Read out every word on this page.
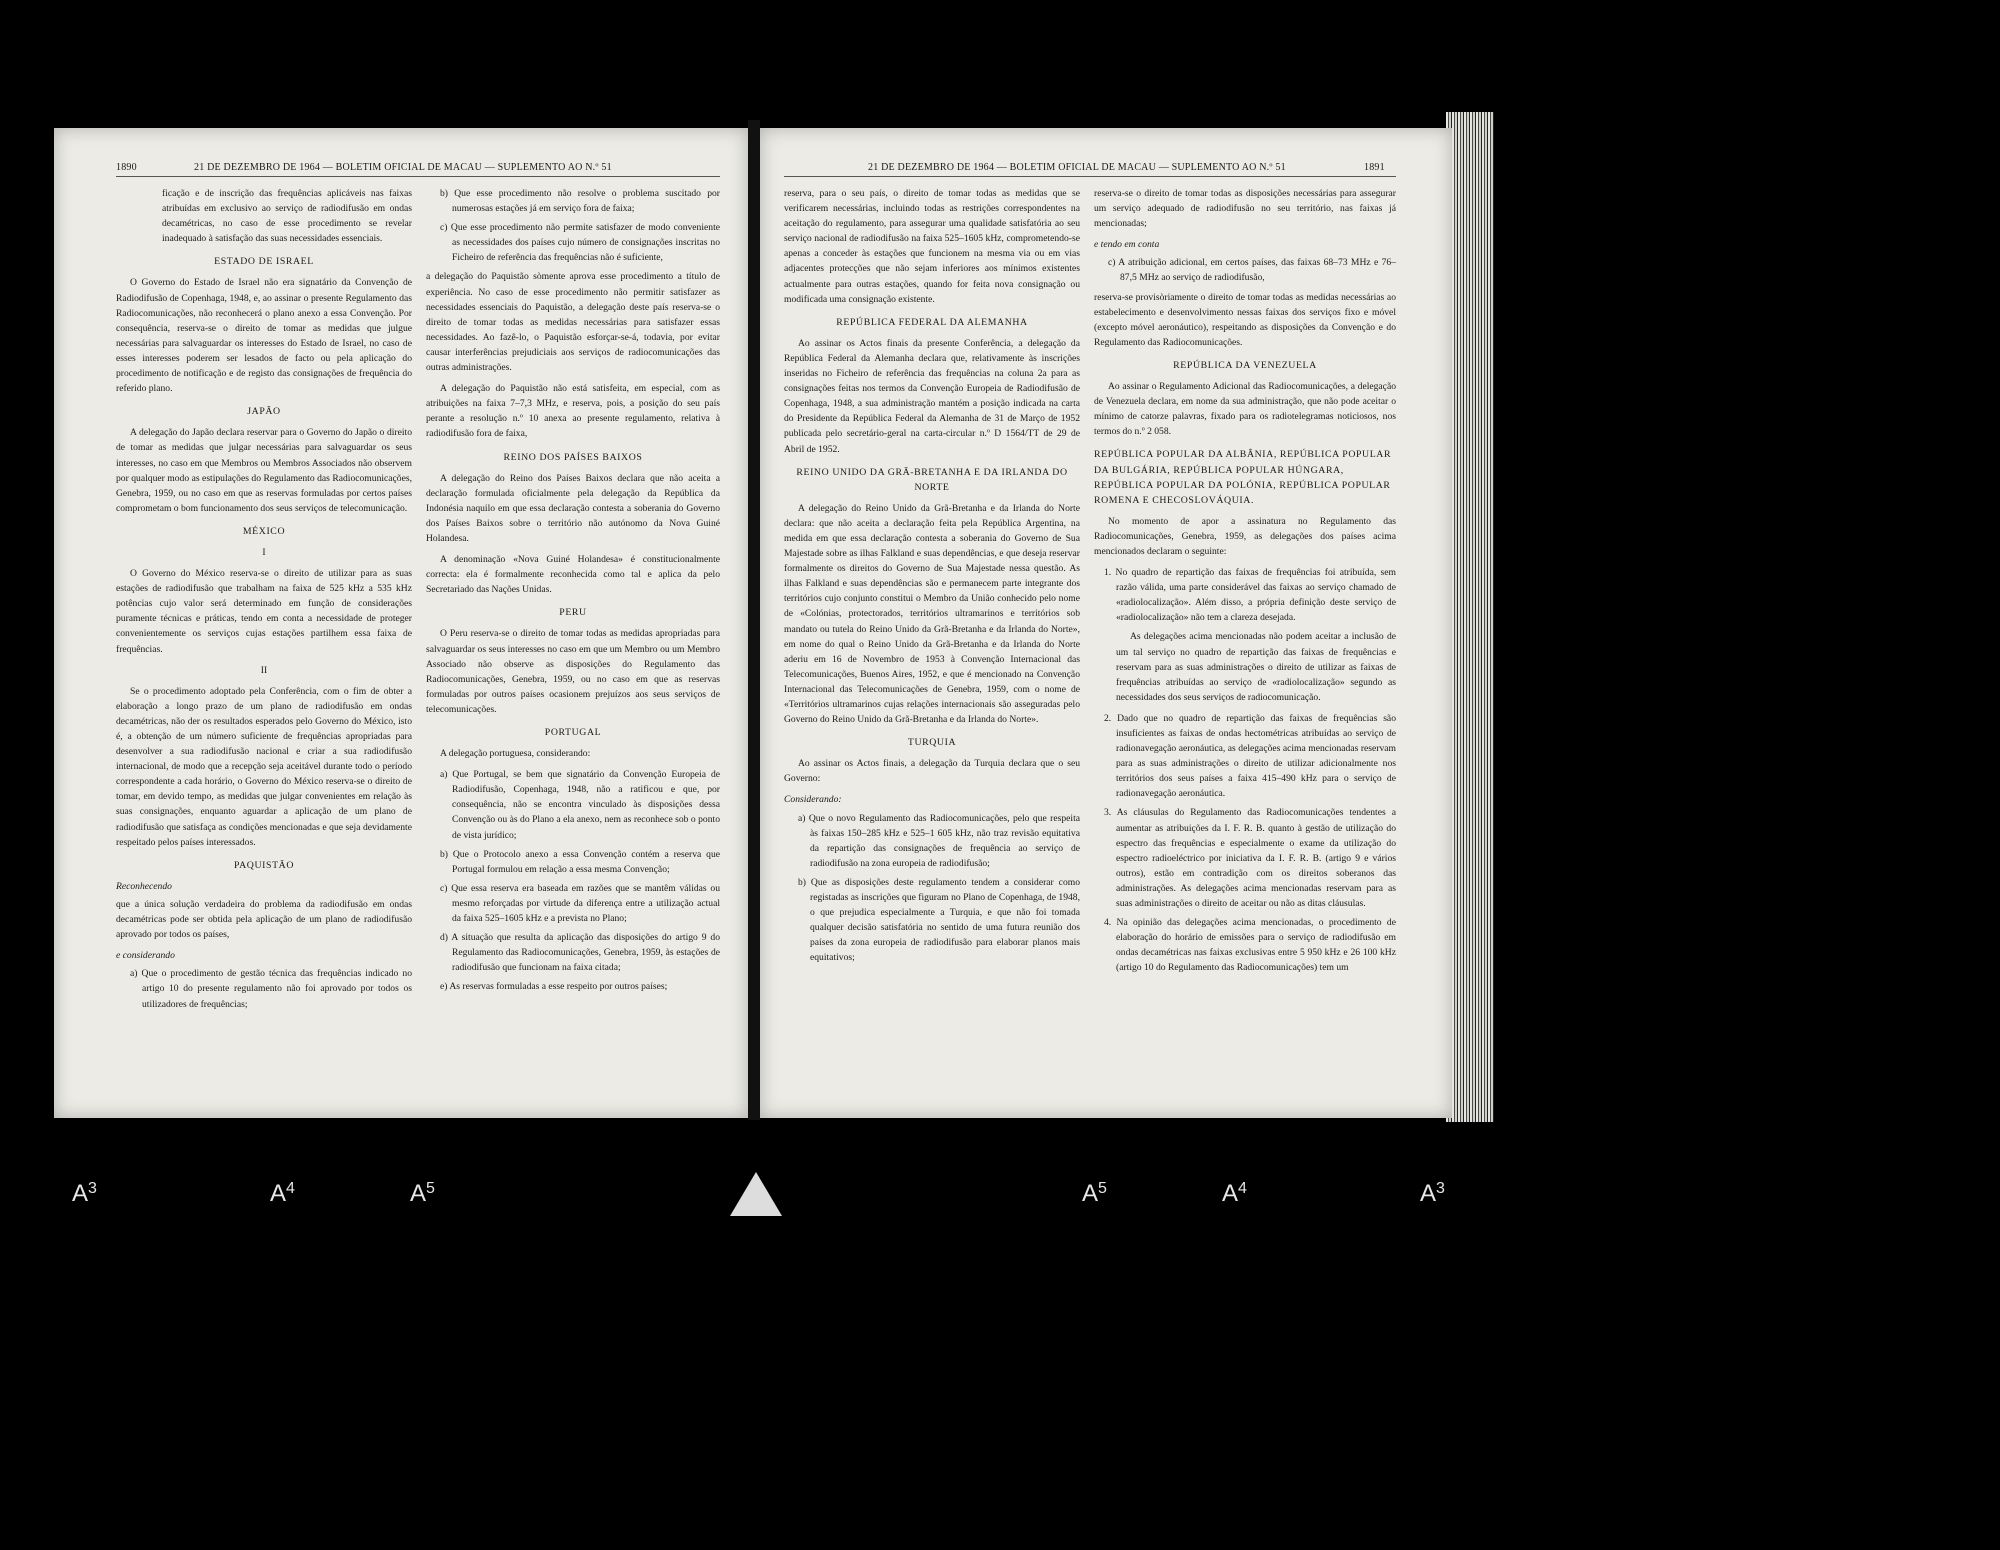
1890	21 DE DEZEMBRO DE 1964 — BOLETIM OFICIAL DE MACAU — SUPLEMENTO AO N.º 51

ficação e de inscrição das frequências aplicáveis nas faixas atribuídas em exclusivo ao serviço de radiodifusão em ondas decamétricas, no caso de esse procedimento se revelar inadequado à satisfação das suas necessidades essenciais.

ESTADO DE ISRAEL

O Governo do Estado de Israel não era signatário da Convenção de Radiodifusão de Copenhaga, 1948, e, ao assinar o presente Regulamento das Radiocomunicações, não reconhecerá o plano anexo a essa Convenção. Por consequência, reserva-se o direito de tomar as medidas que julgue necessárias para salvaguardar os interesses do Estado de Israel, no caso de esses interesses poderem ser lesados de facto ou pela aplicação do procedimento de notificação e de registo das consignações de frequência do referido plano.

JAPÃO

A delegação do Japão declara reservar para o Governo do Japão o direito de tomar as medidas que julgar necessárias para salvaguardar os seus interesses, no caso em que Membros ou Membros Associados não observem por qualquer modo as estipulações do Regulamento das Radiocomunicações, Genebra, 1959, ou no caso em que as reservas formuladas por certos países comprometam o bom funcionamento dos seus serviços de telecomunicação.

MÉXICO
I

O Governo do México reserva-se o direito de utilizar para as suas estações de radiodifusão que trabalham na faixa de 525 kHz a 535 kHz potências cujo valor será determinado em função de considerações puramente técnicas e práticas, tendo em conta a necessidade de proteger convenientemente os serviços cujas estações partilhem essa faixa de frequências.

II

Se o procedimento adoptado pela Conferência, com o fim de obter a elaboração a longo prazo de um plano de radiodifusão em ondas decamétricas, não der os resultados esperados pelo Governo do México, isto é, a obtenção de um número suficiente de frequências apropriadas para desenvolver a sua radiodifusão nacional e criar a sua radiodifusão internacional, de modo que a recepção seja aceitável durante todo o período correspondente a cada horário, o Governo do México reserva-se o direito de tomar, em devido tempo, as medidas que julgar convenientes em relação às suas consignações, enquanto aguardar a aplicação de um plano de radiodifusão que satisfaça as condições mencionadas e que seja devidamente respeitado pelos países interessados.

PAQUISTÃO
Reconhecendo

que a única solução verdadeira do problema da radiodifusão em ondas decamétricas pode ser obtida pela aplicação de um plano de radiodifusão aprovado por todos os países,

e considerando
a) Que o procedimento de gestão técnica das frequências indicado no artigo 10 do presente regulamento não foi aprovado por todos os utilizadores de frequências;
b) Que esse procedimento não resolve o problema suscitado por numerosas estações já em serviço fora de faixa;
c) Que esse procedimento não permite satisfazer de modo conveniente as necessidades dos países cujo número de consignações inscritas no Ficheiro de referência das frequências não é suficiente,

a delegação do Paquistão sòmente aprova esse procedimento a título de experiência. No caso de esse procedimento não permitir satisfazer as necessidades essenciais do Paquistão, a delegação deste país reserva-se o direito de tomar todas as medidas necessárias para satisfazer essas necessidades. Ao fazê-lo, o Paquistão esforçar-se-á, todavia, por evitar causar interferências prejudiciais aos serviços de radiocomunicações das outras administrações.

A delegação do Paquistão não está satisfeita, em especial, com as atribuições na faixa 7–7,3 MHz, e reserva, pois, a posição do seu país perante a resolução n.º 10 anexa ao presente regulamento, relativa à radiodifusão fora de faixa,

REINO DOS PAÍSES BAIXOS

A delegação do Reino dos Países Baixos declara que não aceita a declaração formulada oficialmente pela delegação da República da Indonésia naquilo em que essa declaração contesta a soberania do Governo dos Países Baixos sobre o território não autónomo da Nova Guiné Holandesa.

A denominação «Nova Guiné Holandesa» é constitucionalmente correcta: ela é formalmente reconhecida como tal e aplica da pelo Secretariado das Nações Unidas.

PERU

O Peru reserva-se o direito de tomar todas as medidas apropriadas para salvaguardar os seus interesses no caso em que um Membro ou um Membro Associado não observe as disposições do Regulamento das Radiocomunicações, Genebra, 1959, ou no caso em que as reservas formuladas por outros países ocasionem prejuízos aos seus serviços de telecomunicações.

PORTUGAL

A delegação portuguesa, considerando:

a) Que Portugal, se bem que signatário da Convenção Europeia de Radiodifusão, Copenhaga, 1948, não a ratificou e que, por consequência, não se encontra vinculado às disposições dessa Convenção ou às do Plano a ela anexo, nem as reconhece sob o ponto de vista jurídico;
b) Que o Protocolo anexo a essa Convenção contém a reserva que Portugal formulou em relação a essa mesma Convenção;
c) Que essa reserva era baseada em razões que se mantêm válidas ou mesmo reforçadas por virtude da diferença entre a utilização actual da faixa 525–1605 kHz e a prevista no Plano;
d) A situação que resulta da aplicação das disposições do artigo 9 do Regulamento das Radiocomunicações, Genebra, 1959, às estações de radiodifusão que funcionam na faixa citada;
e) As reservas formuladas a esse respeito por outros países;
21 DE DEZEMBRO DE 1964 — BOLETIM OFICIAL DE MACAU — SUPLEMENTO AO N.º 51	1891

reserva, para o seu país, o direito de tomar todas as medidas que se verificarem necessárias, incluindo todas as restrições correspondentes na aceitação do regulamento, para assegurar uma qualidade satisfatória ao seu serviço nacional de radiodifusão na faixa 525–1605 kHz, comprometendo-se apenas a conceder às estações que funcionem na mesma via ou em vias adjacentes protecções que não sejam inferiores aos mínimos existentes actualmente para outras estações, quando for feita nova consignação ou modificada uma consignação existente.

REPÚBLICA FEDERAL DA ALEMANHA

Ao assinar os Actos finais da presente Conferência, a delegação da República Federal da Alemanha declara que, relativamente às inscrições inseridas no Ficheiro de referência das frequências na coluna 2a para as consignações feitas nos termos da Convenção Europeia de Radiodifusão de Copenhaga, 1948, a sua administração mantém a posição indicada na carta do Presidente da República Federal da Alemanha de 31 de Março de 1952 publicada pelo secretário-geral na carta-circular n.º D 1564/TT de 29 de Abril de 1952.

REINO UNIDO DA GRÃ-BRETANHA E DA IRLANDA DO NORTE

A delegação do Reino Unido da Grã-Bretanha e da Irlanda do Norte declara: que não aceita a declaração feita pela República Argentina, na medida em que essa declaração contesta a soberania do Governo de Sua Majestade sobre as ilhas Falkland e suas dependências, e que deseja reservar formalmente os direitos do Governo de Sua Majestade nessa questão. As ilhas Falkland e suas dependências são e permanecem parte integrante dos territórios cujo conjunto constitui o Membro da União conhecido pelo nome de «Colónias, protectorados, territórios ultramarinos e territórios sob mandato ou tutela do Reino Unido da Grã-Bretanha e da Irlanda do Norte», em nome do qual o Reino Unido da Grã-Bretanha e da Irlanda do Norte aderiu em 16 de Novembro de 1953 à Convenção Internacional das Telecomunicações, Buenos Aires, 1952, e que é mencionado na Convenção Internacional das Telecomunicações de Genebra, 1959, com o nome de «Territórios ultramarinos cujas relações internacionais são asseguradas pelo Governo do Reino Unido da Grã-Bretanha e da Irlanda do Norte».

TURQUIA

Ao assinar os Actos finais, a delegação da Turquia declara que o seu Governo:

Considerando:
a) Que o novo Regulamento das Radiocomunicações, pelo que respeita às faixas 150–285 kHz e 525–1 605 kHz, não traz revisão equitativa da repartição das consignações de frequência ao serviço de radiodifusão na zona europeia de radiodifusão;
b) Que as disposições deste regulamento tendem a considerar como registadas as inscrições que figuram no Plano de Copenhaga, de 1948, o que prejudica especialmente a Turquia, e que não foi tomada qualquer decisão satisfatória no sentido de uma futura reunião dos países da zona europeia de radiodifusão para elaborar planos mais equitativos;

reserva-se o direito de tomar todas as disposições necessárias para assegurar um serviço adequado de radiodifusão no seu território, nas faixas já mencionadas;

e tendo em conta
c) A atribuição adicional, em certos países, das faixas 68–73 MHz e 76–87,5 MHz ao serviço de radiodifusão,

reserva-se provisòriamente o direito de tomar todas as medidas necessárias ao estabelecimento e desenvolvimento nessas faixas dos serviços fixo e móvel (excepto móvel aeronáutico), respeitando as disposições da Convenção e do Regulamento das Radiocomunicações.

REPÚBLICA DA VENEZUELA

Ao assinar o Regulamento Adicional das Radiocomunicações, a delegação de Venezuela declara, em nome da sua administração, que não pode aceitar o mínimo de catorze palavras, fixado para os radiotelegramas noticiosos, nos termos do n.º 2 058.

REPÚBLICA POPULAR DA ALBÂNIA, REPÚBLICA POPULAR DA BULGÁRIA, REPÚBLICA POPULAR HÚNGARA, REPÚBLICA POPULAR DA POLÓNIA, REPÚBLICA POPULAR ROMENA E CHECOSLOVÁQUIA.

No momento de apor a assinatura no Regulamento das Radiocomunicações, Genebra, 1959, as delegações dos países acima mencionados declaram o seguinte:

1. No quadro de repartição das faixas de frequências foi atribuída, sem razão válida, uma parte considerável das faixas ao serviço chamado de «radiolocalização». Além disso, a própria definição deste serviço de «radiolocalização» não tem a clareza desejada.

As delegações acima mencionadas não podem aceitar a inclusão de um tal serviço no quadro de repartição das faixas de frequências e reservam para as suas administrações o direito de utilizar as faixas de frequências atribuídas ao serviço de «radiolocalização» segundo as necessidades dos seus serviços de radiocomunicação.

2. Dado que no quadro de repartição das faixas de frequências são insuficientes as faixas de ondas hectométricas atribuídas ao serviço de radionavegação aeronáutica, as delegações acima mencionadas reservam para as suas administrações o direito de utilizar adicionalmente nos territórios dos seus países a faixa 415–490 kHz para o serviço de radionavegação aeronáutica.
3. As cláusulas do Regulamento das Radiocomunicações tendentes a aumentar as atribuições da I. F. R. B. quanto à gestão de utilização do espectro das frequências e especialmente o exame da utilização do espectro radioeléctrico por iniciativa da I. F. R. B. (artigo 9 e vários outros), estão em contradição com os direitos soberanos das administrações. As delegações acima mencionadas reservam para as suas administrações o direito de aceitar ou não as ditas cláusulas.
4. Na opinião das delegações acima mencionadas, o procedimento de elaboração do horário de emissões para o serviço de radiodifusão em ondas decamétricas nas faixas exclusivas entre 5 950 kHz e 26 100 kHz (artigo 10 do Regulamento das Radiocomunicações) tem um
$A^3$	$A^4$	$A^5$	$A^5$	$A^4$	$A^3$
